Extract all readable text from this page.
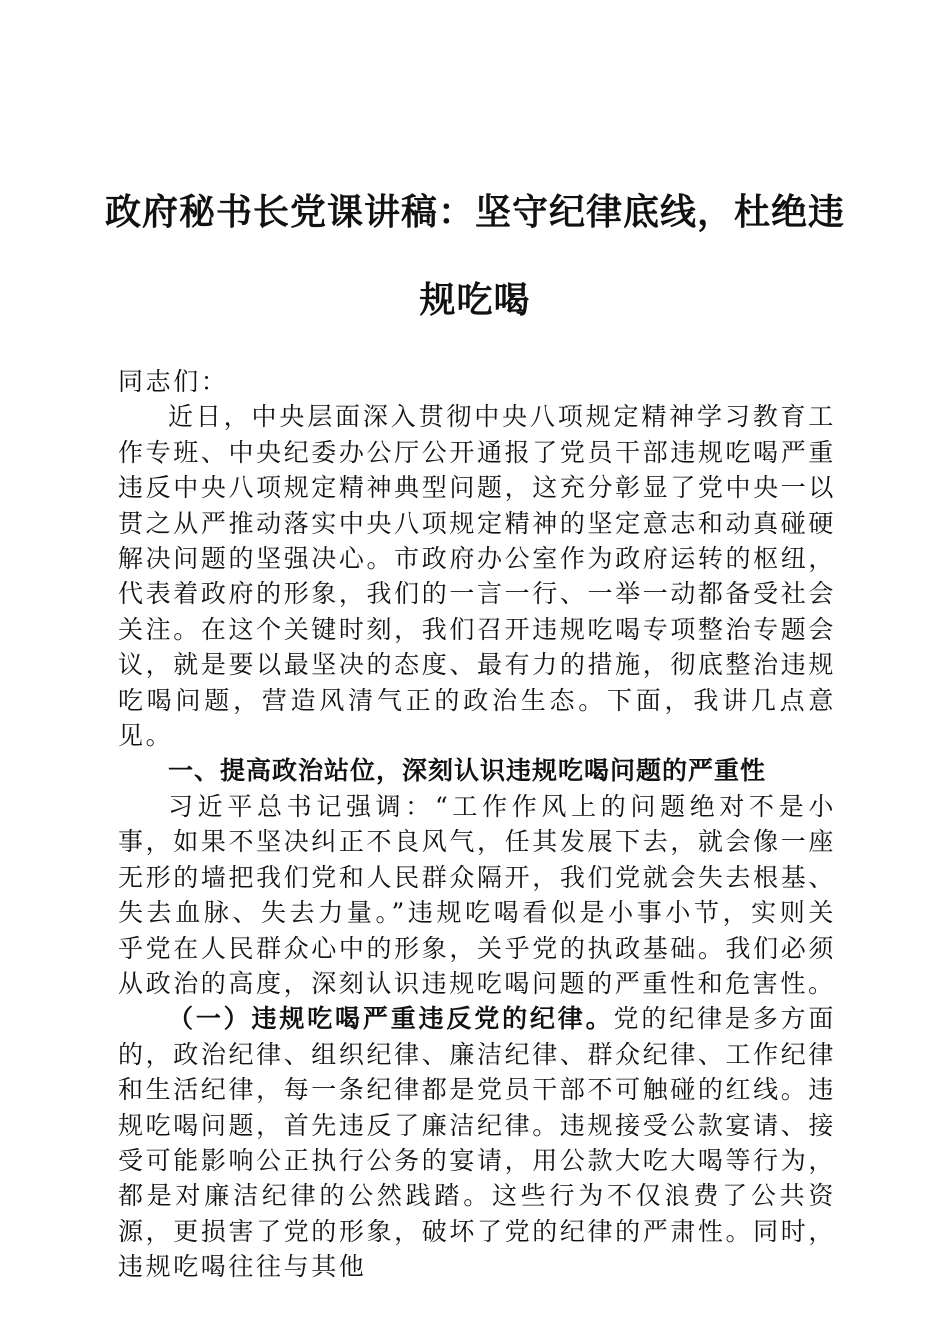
政府秘书长党课讲稿：坚守纪律底线，杜绝违规吃喝

同志们：

近日，中央层面深入贯彻中央八项规定精神学习教育工作专班、中央纪委办公厅公开通报了党员干部违规吃喝严重违反中央八项规定精神典型问题，这充分彰显了党中央一以贯之从严推动落实中央八项规定精神的坚定意志和动真碰硬解决问题的坚强决心。市政府办公室作为政府运转的枢纽，代表着政府的形象，我们的一言一行、一举一动都备受社会关注。在这个关键时刻，我们召开违规吃喝专项整治专题会议，就是要以最坚决的态度、最有力的措施，彻底整治违规吃喝问题，营造风清气正的政治生态。下面，我讲几点意见。

一、提高政治站位，深刻认识违规吃喝问题的严重性

习近平总书记强调：“工作作风上的问题绝对不是小事，如果不坚决纠正不良风气，任其发展下去，就会像一座无形的墙把我们党和人民群众隔开，我们党就会失去根基、失去血脉、失去力量。”违规吃喝看似是小事小节，实则关乎党在人民群众心中的形象，关乎党的执政基础。我们必须从政治的高度，深刻认识违规吃喝问题的严重性和危害性。

（一）违规吃喝严重违反党的纪律。党的纪律是多方面的，政治纪律、组织纪律、廉洁纪律、群众纪律、工作纪律和生活纪律，每一条纪律都是党员干部不可触碰的红线。违规吃喝问题，首先违反了廉洁纪律。违规接受公款宴请、接受可能影响公正执行公务的宴请，用公款大吃大喝等行为，都是对廉洁纪律的公然践踏。这些行为不仅浪费了公共资源，更损害了党的形象，破坏了党的纪律的严肃性。同时，违规吃喝往往与其他
